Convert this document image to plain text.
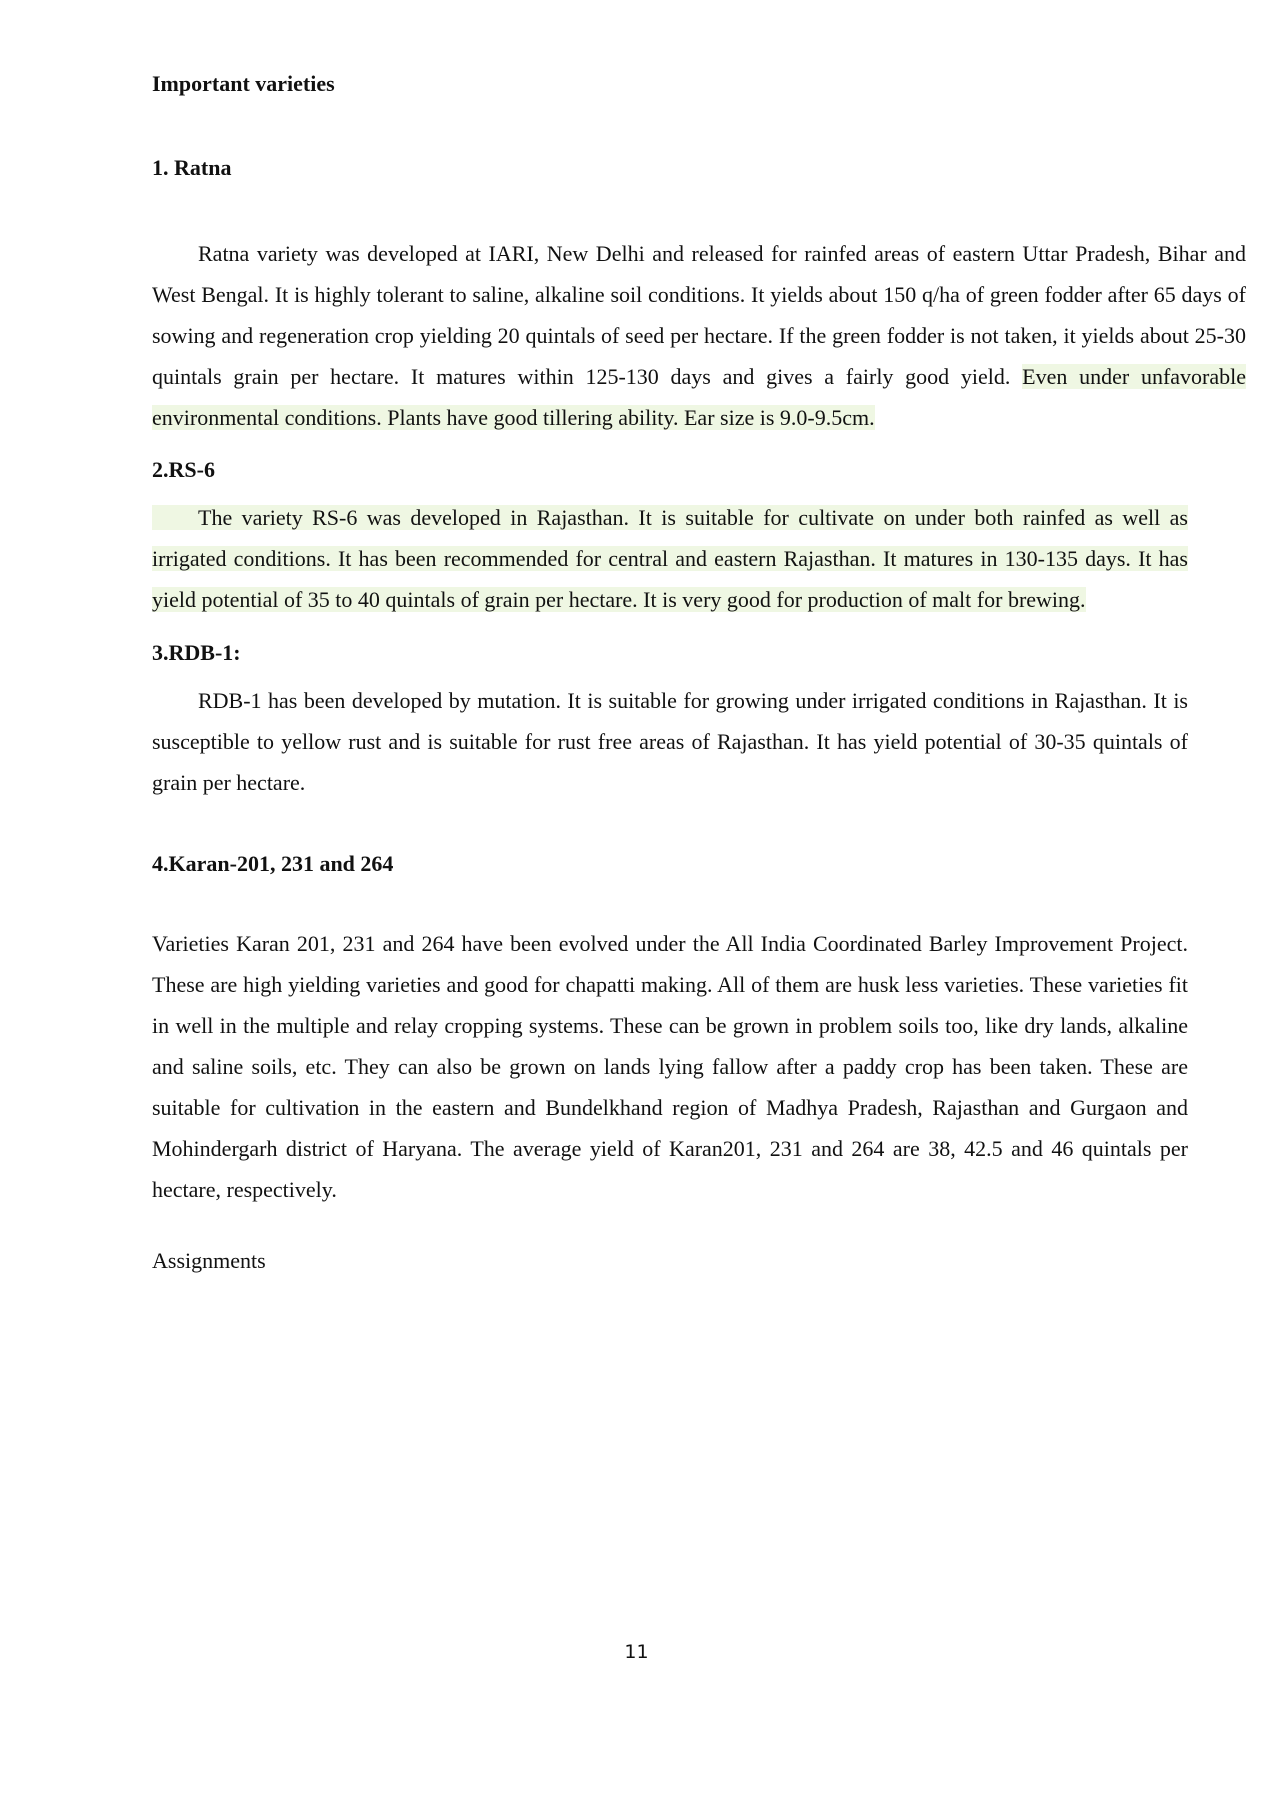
Important varieties
1. Ratna
Ratna variety was developed at IARI, New Delhi and released for rainfed areas of eastern Uttar Pradesh, Bihar and West Bengal. It is highly tolerant to saline, alkaline soil conditions. It yields about 150 q/ha of green fodder after 65 days of sowing and regeneration crop yielding 20 quintals of seed per hectare. If the green fodder is not taken, it yields about 25-30 quintals grain per hectare. It matures within 125-130 days and gives a fairly good yield. Even under unfavorable environmental conditions. Plants have good tillering ability. Ear size is 9.0-9.5cm.
2.RS-6
The variety RS-6 was developed in Rajasthan. It is suitable for cultivate on under both rainfed as well as irrigated conditions. It has been recommended for central and eastern Rajasthan. It matures in 130-135 days. It has yield potential of 35 to 40 quintals of grain per hectare. It is very good for production of malt for brewing.
3.RDB-1:
RDB-1 has been developed by mutation. It is suitable for growing under irrigated conditions in Rajasthan. It is susceptible to yellow rust and is suitable for rust free areas of Rajasthan. It has yield potential of 30-35 quintals of grain per hectare.
4.Karan-201, 231 and 264
Varieties Karan 201, 231 and 264 have been evolved under the All India Coordinated Barley Improvement Project. These are high yielding varieties and good for chapatti making. All of them are husk less varieties. These varieties fit in well in the multiple and relay cropping systems. These can be grown in problem soils too, like dry lands, alkaline and saline soils, etc. They can also be grown on lands lying fallow after a paddy crop has been taken. These are suitable for cultivation in the eastern and Bundelkhand region of Madhya Pradesh, Rajasthan and Gurgaon and Mohindergarh district of Haryana. The average yield of Karan201, 231 and 264 are 38, 42.5 and 46 quintals per hectare, respectively.
Assignments
11
